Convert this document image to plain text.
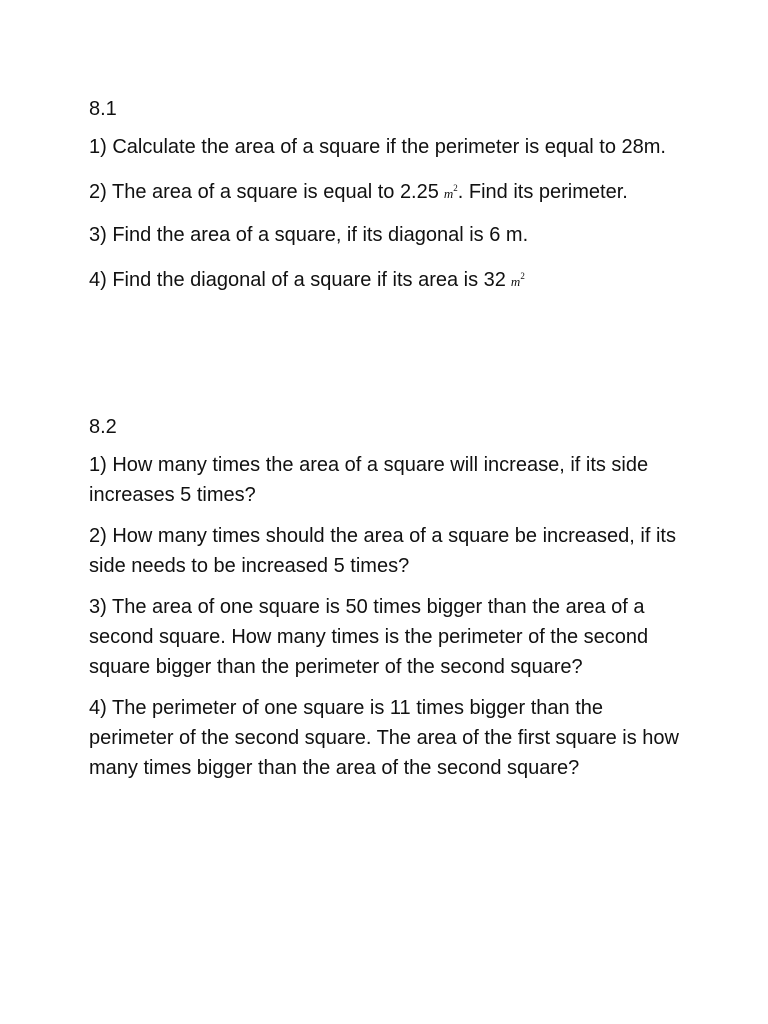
8.1
1) Calculate the area of a square if the perimeter is equal to 28m.
2) The area of a square is equal to 2.25 $m^2$. Find its perimeter.
3) Find the area of a square, if its diagonal is 6 m.
4) Find the diagonal of a square if its area is 32 $m^2$
8.2
1) How many times the area of a square will increase, if its side increases 5 times?
2) How many times should the area of a square be increased, if its side needs to be increased 5 times?
3) The area of one square is 50 times bigger than the area of a second square. How many times is the perimeter of the second square bigger than the perimeter of the second square?
4) The perimeter of one square is 11 times bigger than the perimeter of the second square. The area of the first square is how many times bigger than the area of the second square?
